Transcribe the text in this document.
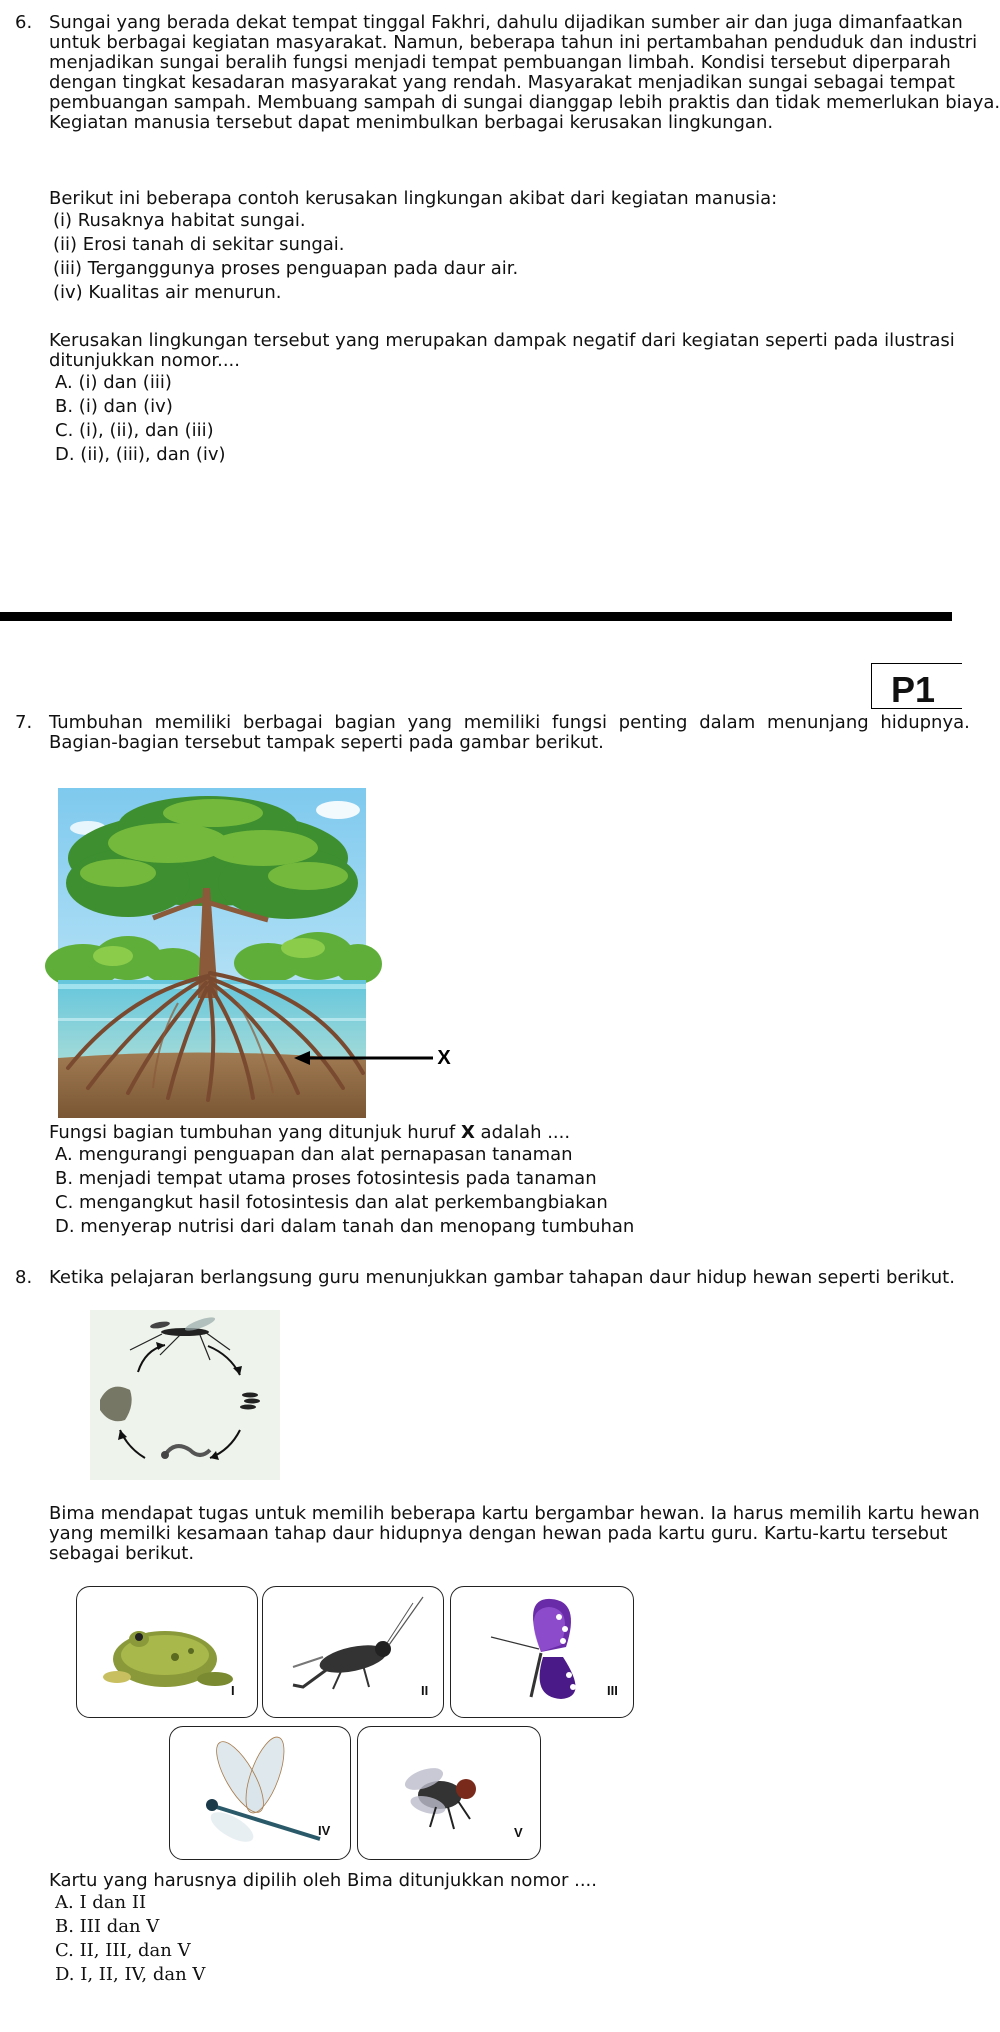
6. Sungai yang berada dekat tempat tinggal Fakhri, dahulu dijadikan sumber air dan juga dimanfaatkan
untuk berbagai kegiatan masyarakat. Namun, beberapa tahun ini pertambahan penduduk dan industri
menjadikan sungai beralih fungsi menjadi tempat pembuangan limbah. Kondisi tersebut diperparah
dengan tingkat kesadaran masyarakat yang rendah. Masyarakat menjadikan sungai sebagai tempat
pembuangan sampah. Membuang sampah di sungai dianggap lebih praktis dan tidak memerlukan biaya.
Kegiatan manusia tersebut dapat menimbulkan berbagai kerusakan lingkungan.
Berikut ini beberapa contoh kerusakan lingkungan akibat dari kegiatan manusia:
(i) Rusaknya habitat sungai.
(ii) Erosi tanah di sekitar sungai.
(iii) Terganggunya proses penguapan pada daur air.
(iv) Kualitas air menurun.
Kerusakan lingkungan tersebut yang merupakan dampak negatif dari kegiatan seperti pada ilustrasi
ditunjukkan nomor....
A. (i) dan (iii)
B. (i) dan (iv)
C. (i), (ii), dan (iii)
D. (ii), (iii), dan (iv)
P1
7. Tumbuhan memiliki berbagai bagian yang memiliki fungsi penting dalam menunjang hidupnya.
Bagian-bagian tersebut tampak seperti pada gambar berikut.
X
Fungsi bagian tumbuhan yang ditunjuk huruf X adalah ....
A. mengurangi penguapan dan alat pernapasan tanaman
B. menjadi tempat utama proses fotosintesis pada tanaman
C. mengangkut hasil fotosintesis dan alat perkembangbiakan
D. menyerap nutrisi dari dalam tanah dan menopang tumbuhan
8. Ketika pelajaran berlangsung guru menunjukkan gambar tahapan daur hidup hewan seperti berikut.
Bima mendapat tugas untuk memilih beberapa kartu bergambar hewan. Ia harus memilih kartu hewan
yang memilki kesamaan tahap daur hidupnya dengan hewan pada kartu guru. Kartu-kartu tersebut
sebagai berikut.
I	II	III
IV	V
Kartu yang harusnya dipilih oleh Bima ditunjukkan nomor ....
A. I dan II
B. III dan V
C. II, III, dan V
D. I, II, IV, dan V
